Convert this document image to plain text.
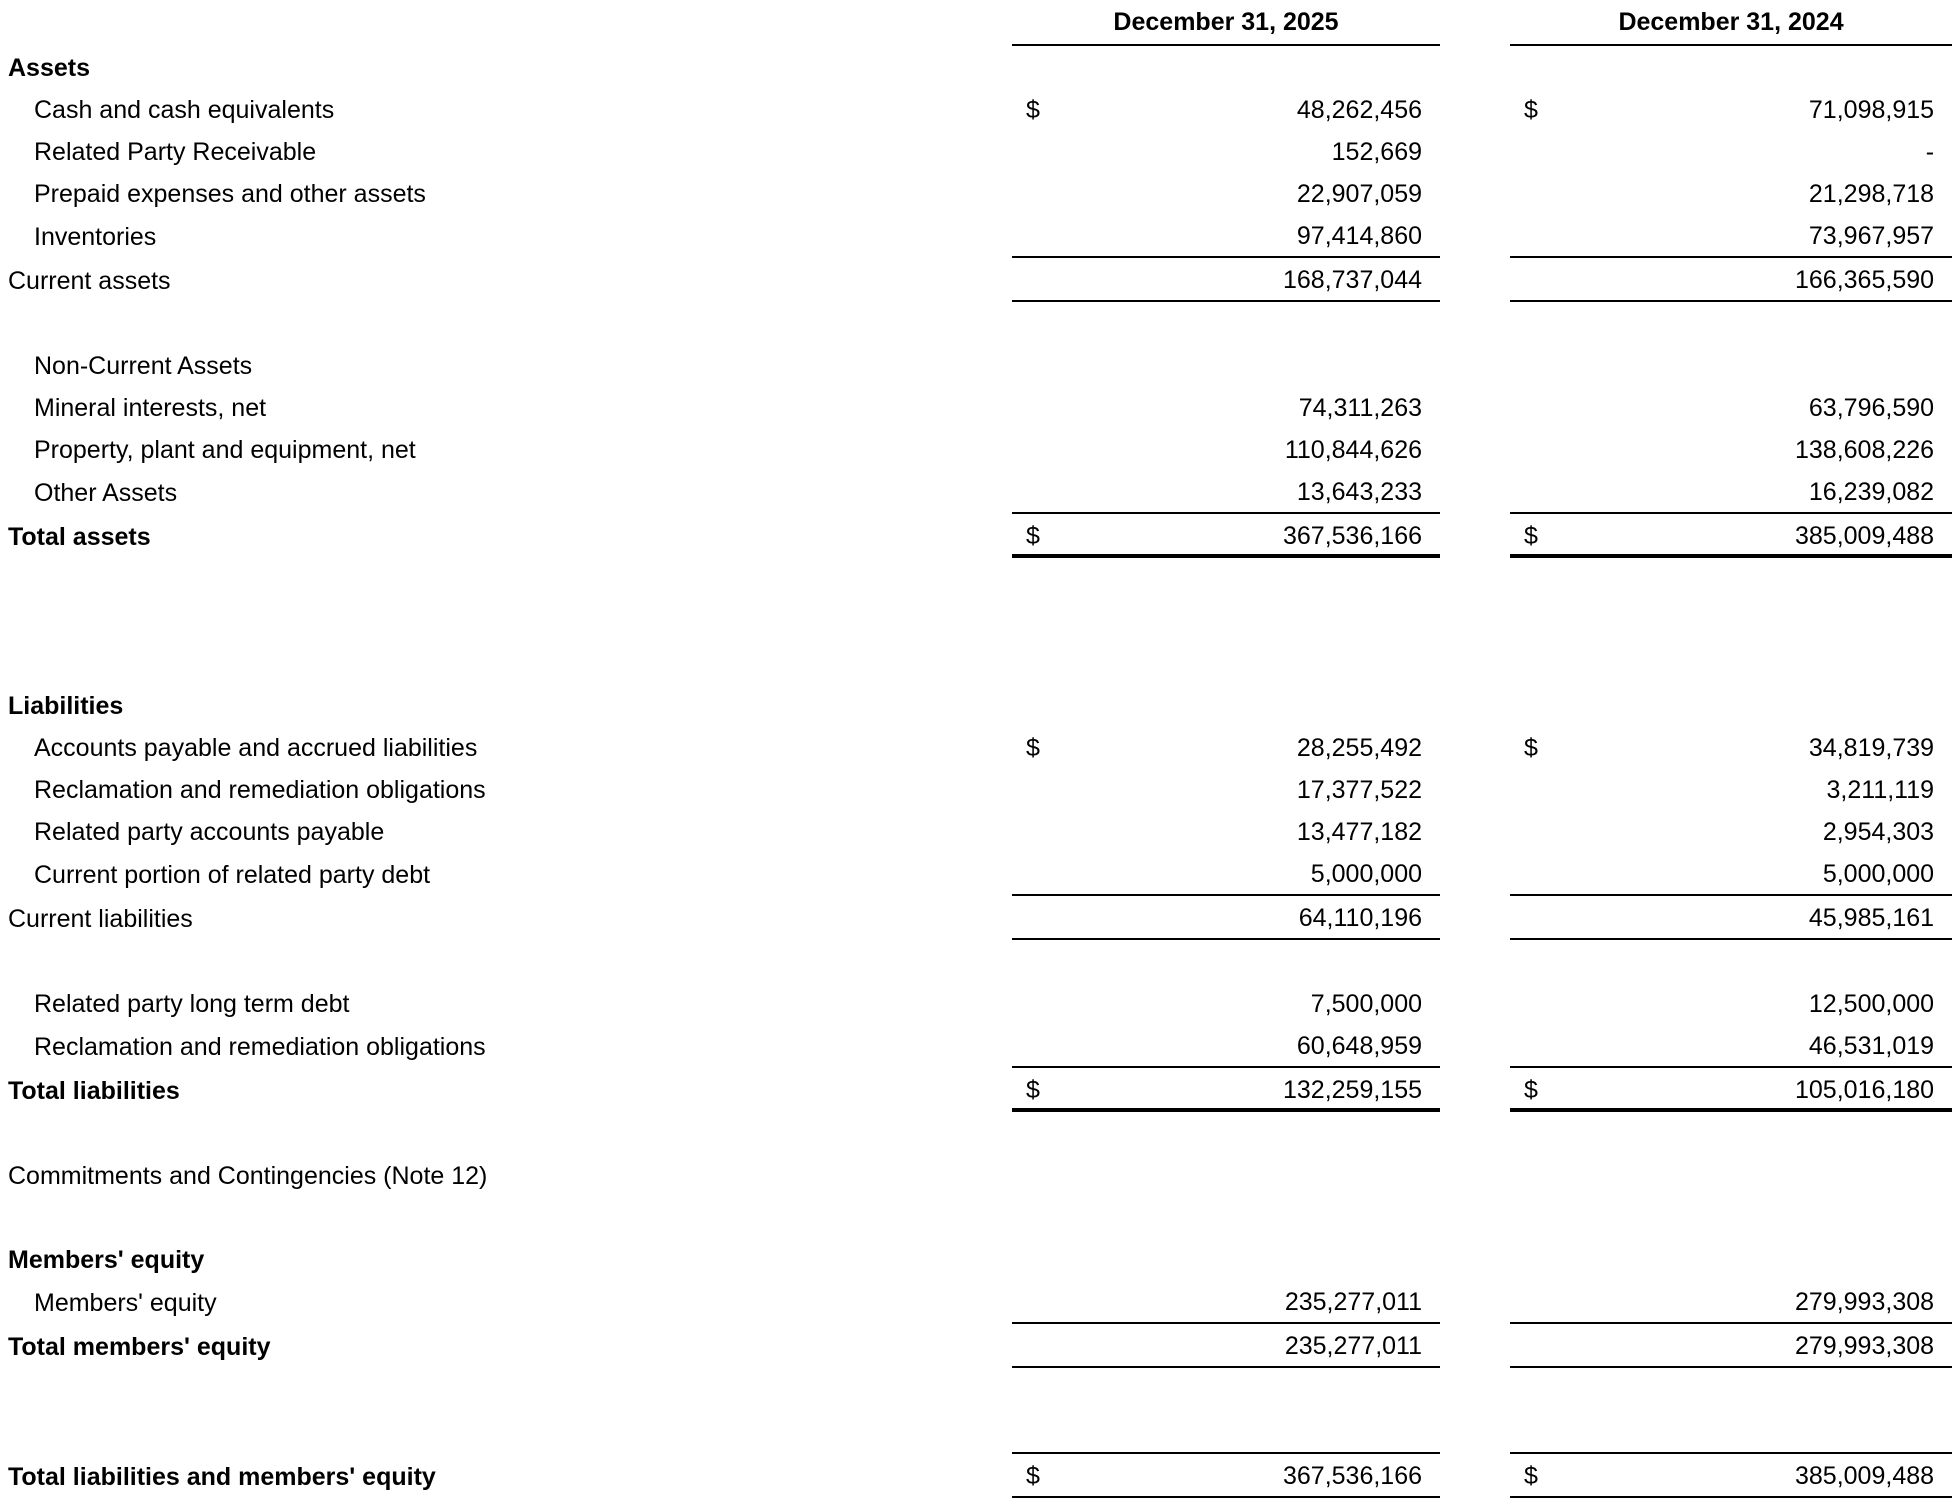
	December 31, 2025			December 31, 2024	
Assets					
Cash and cash equivalents	$	48,262,456		$	71,098,915
Related Party Receivable		152,669			-
Prepaid expenses and other assets		22,907,059			21,298,718
Inventories		97,414,860			73,967,957
Current assets		168,737,044			166,365,590

Non-Current Assets					
Mineral interests, net		74,311,263			63,796,590
Property, plant and equipment, net		110,844,626			138,608,226
Other Assets		13,643,233			16,239,082
Total assets	$	367,536,166		$	385,009,488

Liabilities					
Accounts payable and accrued liabilities	$	28,255,492		$	34,819,739
Reclamation and remediation obligations		17,377,522			3,211,119
Related party accounts payable		13,477,182			2,954,303
Current portion of related party debt		5,000,000			5,000,000
Current liabilities		64,110,196			45,985,161

Related party long term debt		7,500,000			12,500,000
Reclamation and remediation obligations		60,648,959			46,531,019
Total liabilities	$	132,259,155		$	105,016,180

Commitments and Contingencies (Note 12)					

Members' equity					
Members' equity		235,277,011			279,993,308
Total members' equity		235,277,011			279,993,308

Total liabilities and members' equity	$	367,536,166		$	385,009,488
